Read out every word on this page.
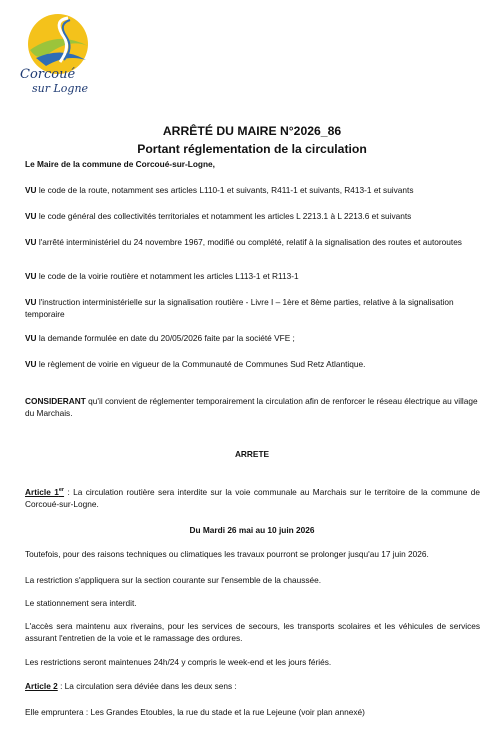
Corcoué
sur Logne
ARRÊTÉ DU MAIRE N°2026_86
Portant réglementation de la circulation
Le Maire de la commune de Corcoué-sur-Logne,
VU le code de la route, notamment ses articles L110-1 et suivants, R411-1 et suivants, R413-1 et suivants
VU le code général des collectivités territoriales et notamment les articles L 2213.1 à L 2213.6 et suivants
VU l'arrêté interministériel du 24 novembre 1967, modifié ou complété, relatif à la signalisation des routes et autoroutes
VU le code de la voirie routière et notamment les articles L113-1 et R113-1
VU l'instruction interministérielle sur la signalisation routière - Livre I – 1ère et 8ème parties, relative à la signalisation temporaire
VU la demande formulée en date du 20/05/2026 faite par la société VFE ;
VU le règlement de voirie en vigueur de la Communauté de Communes Sud Retz Atlantique.
CONSIDERANT qu'il convient de réglementer temporairement la circulation afin de renforcer le réseau électrique au village du Marchais.
ARRETE
Article 1er : La circulation routière sera interdite sur la voie communale au Marchais sur le territoire de la commune de Corcoué-sur-Logne.
Du Mardi 26 mai au 10 juin 2026
Toutefois, pour des raisons techniques ou climatiques les travaux pourront se prolonger jusqu'au 17 juin 2026.
La restriction s'appliquera sur la section courante sur l'ensemble de la chaussée.
Le stationnement sera interdit.
L'accès sera maintenu aux riverains, pour les services de secours, les transports scolaires et les véhicules de services assurant l'entretien de la voie et le ramassage des ordures.
Les restrictions seront maintenues 24h/24 y compris le week-end et les jours fériés.
Article 2 : La circulation sera déviée dans les deux sens :
Elle empruntera : Les Grandes Etoubles, la rue du stade et la rue Lejeune (voir plan annexé)
